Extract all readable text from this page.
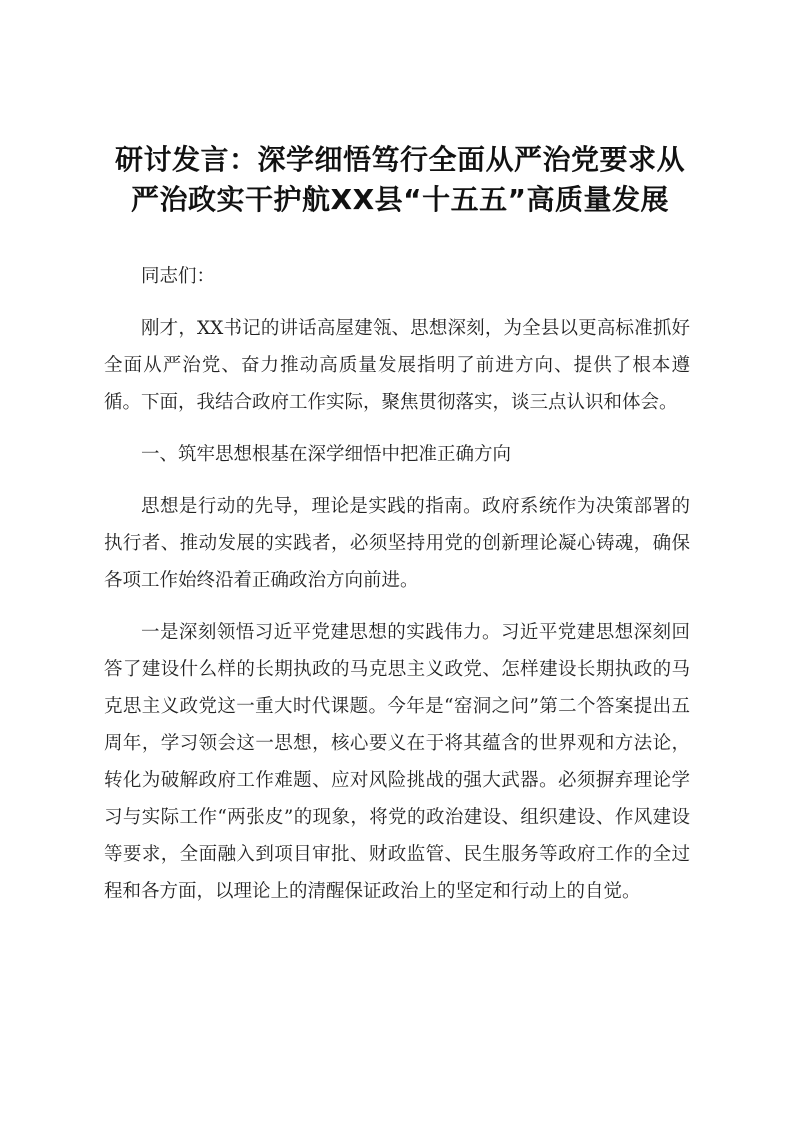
研讨发言：深学细悟笃行全面从严治党要求从
严治政实干护航XX县“十五五”高质量发展

同志们：

刚才，XX书记的讲话高屋建瓴、思想深刻，为全县以更高标准抓好全面从严治党、奋力推动高质量发展指明了前进方向、提供了根本遵循。下面，我结合政府工作实际，聚焦贯彻落实，谈三点认识和体会。

一、筑牢思想根基在深学细悟中把准正确方向

思想是行动的先导，理论是实践的指南。政府系统作为决策部署的执行者、推动发展的实践者，必须坚持用党的创新理论凝心铸魂，确保各项工作始终沿着正确政治方向前进。

一是深刻领悟习近平党建思想的实践伟力。习近平党建思想深刻回答了建设什么样的长期执政的马克思主义政党、怎样建设长期执政的马克思主义政党这一重大时代课题。今年是“窑洞之问”第二个答案提出五周年，学习领会这一思想，核心要义在于将其蕴含的世界观和方法论，转化为破解政府工作难题、应对风险挑战的强大武器。必须摒弃理论学习与实际工作“两张皮”的现象，将党的政治建设、组织建设、作风建设等要求，全面融入到项目审批、财政监管、民生服务等政府工作的全过程和各方面，以理论上的清醒保证政治上的坚定和行动上的自觉。
